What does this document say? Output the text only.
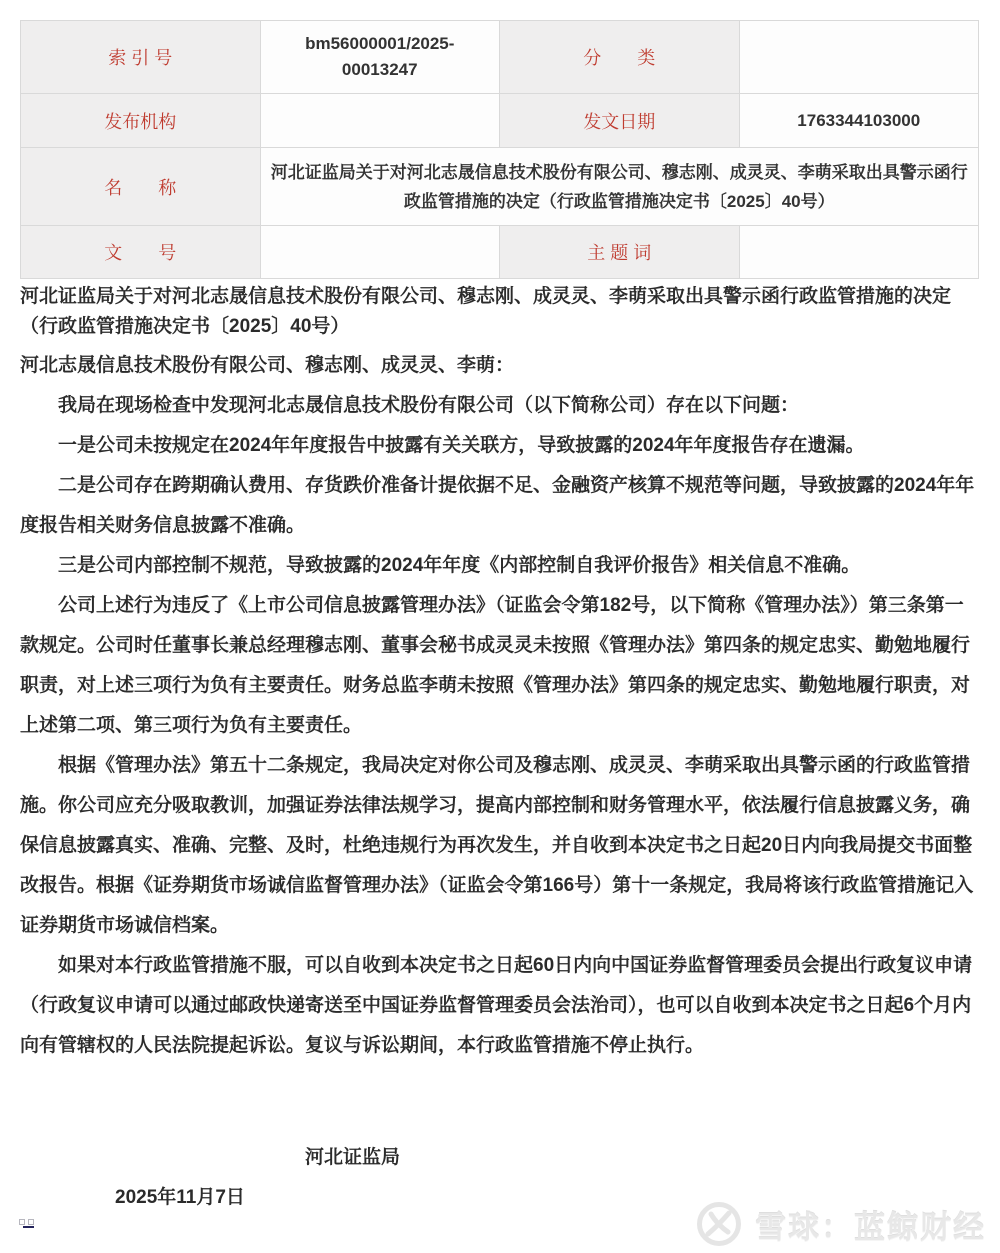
索 引 号	bm56000001/2025-00013247	分　　类	
发布机构		发文日期	1763344103000
名　　称	河北证监局关于对河北志晟信息技术股份有限公司、穆志刚、成灵灵、李萌采取出具警示函行政监管措施的决定（行政监管措施决定书〔2025〕40号）		
文　　号		主 题 词	

河北证监局关于对河北志晟信息技术股份有限公司、穆志刚、成灵灵、李萌采取出具警示函行政监管措施的决定（行政监管措施决定书〔2025〕40号）

河北志晟信息技术股份有限公司、穆志刚、成灵灵、李萌：

我局在现场检查中发现河北志晟信息技术股份有限公司（以下简称公司）存在以下问题：

一是公司未按规定在2024年年度报告中披露有关关联方，导致披露的2024年年度报告存在遗漏。

二是公司存在跨期确认费用、存货跌价准备计提依据不足、金融资产核算不规范等问题，导致披露的2024年年度报告相关财务信息披露不准确。

三是公司内部控制不规范，导致披露的2024年年度《内部控制自我评价报告》相关信息不准确。

公司上述行为违反了《上市公司信息披露管理办法》（证监会令第182号，以下简称《管理办法》）第三条第一款规定。公司时任董事长兼总经理穆志刚、董事会秘书成灵灵未按照《管理办法》第四条的规定忠实、勤勉地履行职责，对上述三项行为负有主要责任。财务总监李萌未按照《管理办法》第四条的规定忠实、勤勉地履行职责，对上述第二项、第三项行为负有主要责任。

根据《管理办法》第五十二条规定，我局决定对你公司及穆志刚、成灵灵、李萌采取出具警示函的行政监管措施。你公司应充分吸取教训，加强证券法律法规学习，提高内部控制和财务管理水平，依法履行信息披露义务，确保信息披露真实、准确、完整、及时，杜绝违规行为再次发生，并自收到本决定书之日起20日内向我局提交书面整改报告。根据《证券期货市场诚信监督管理办法》（证监会令第166号）第十一条规定，我局将该行政监管措施记入证券期货市场诚信档案。

如果对本行政监管措施不服，可以自收到本决定书之日起60日内向中国证券监督管理委员会提出行政复议申请（行政复议申请可以通过邮政快递寄送至中国证券监督管理委员会法治司），也可以自收到本决定书之日起6个月内向有管辖权的人民法院提起诉讼。复议与诉讼期间，本行政监管措施不停止执行。

河北证监局

2025年11月7日

雪球：蓝鲸财经
